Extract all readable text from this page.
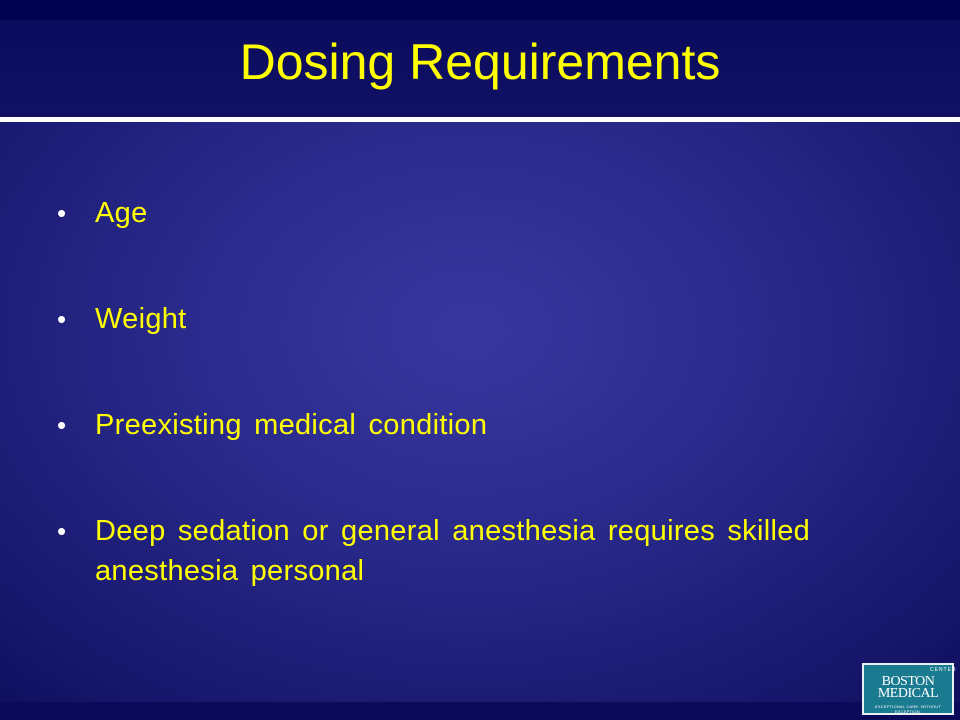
Dosing Requirements
• Age
• Weight
• Preexisting medical condition
• Deep sedation or general anesthesia requires skilled anesthesia personal
CENTER
BOSTON
MEDICAL
EXCEPTIONAL CARE. WITHOUT EXCEPTION.
